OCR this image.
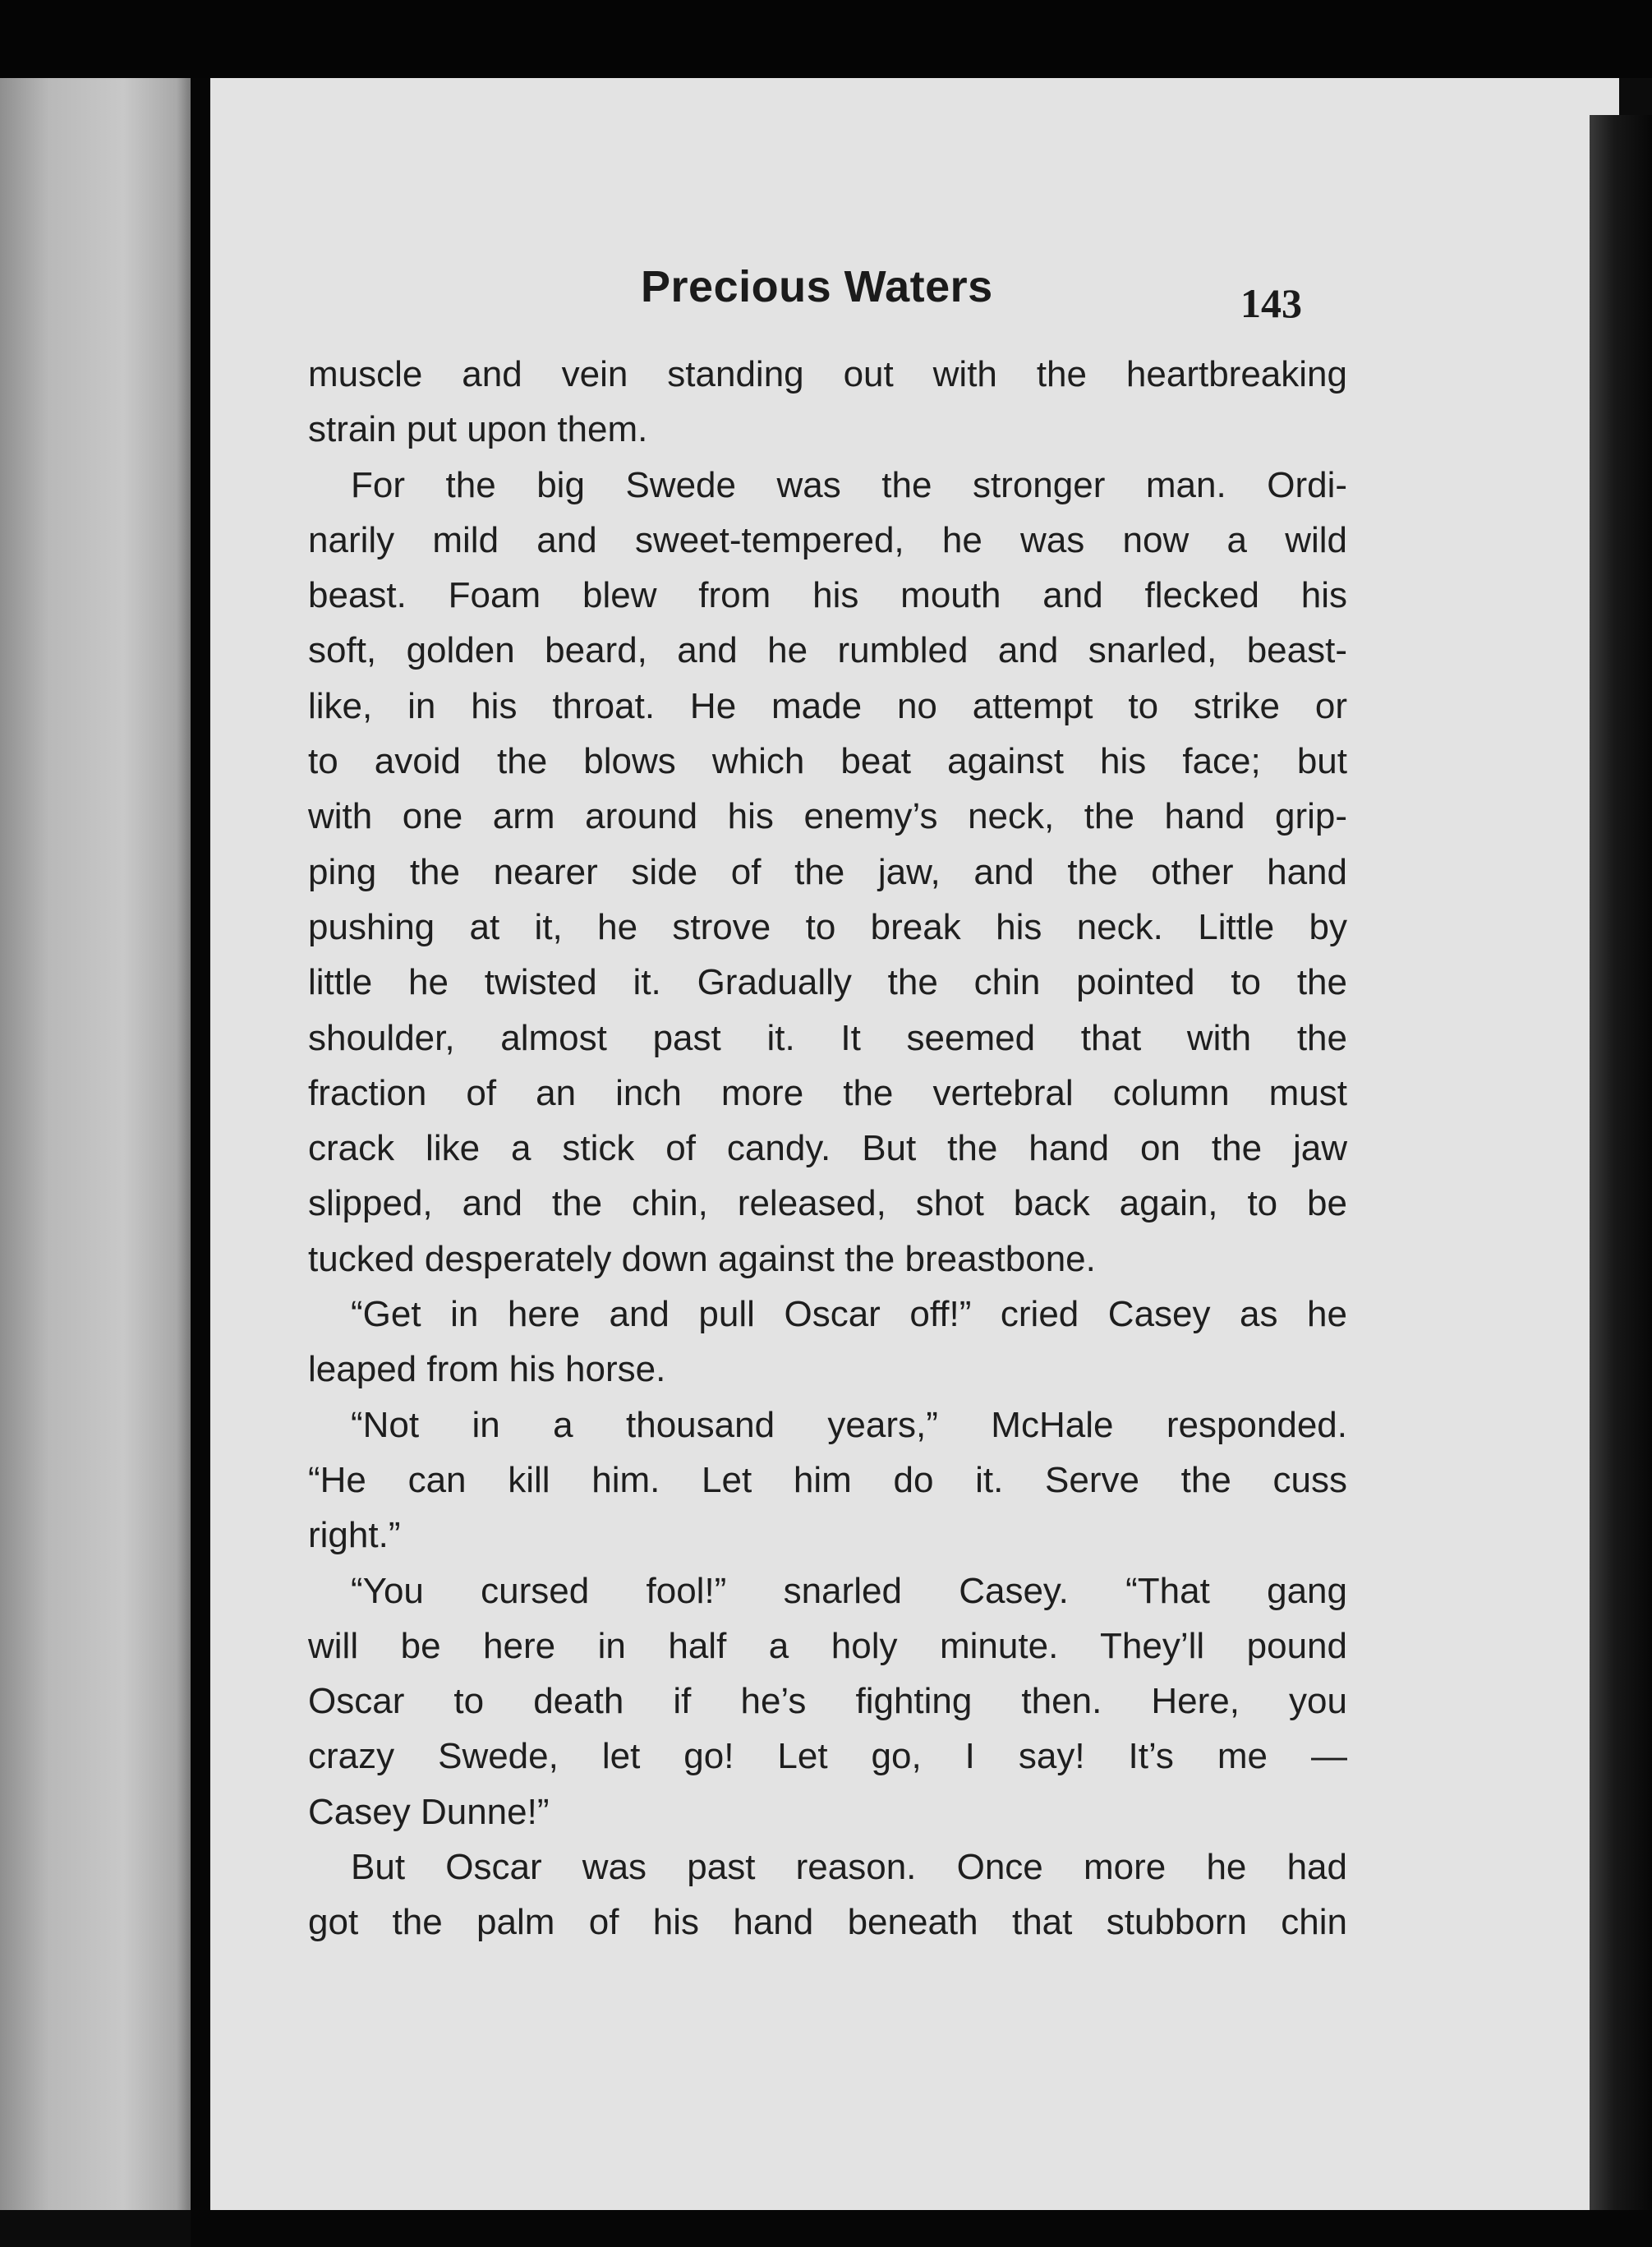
Precious Waters	143
muscle and vein standing out with the heartbreaking
strain put upon them.
For the big Swede was the stronger man. Ordi-
narily mild and sweet-tempered, he was now a wild
beast. Foam blew from his mouth and flecked his
soft, golden beard, and he rumbled and snarled, beast-
like, in his throat. He made no attempt to strike or
to avoid the blows which beat against his face; but
with one arm around his enemy’s neck, the hand grip-
ping the nearer side of the jaw, and the other hand
pushing at it, he strove to break his neck. Little by
little he twisted it. Gradually the chin pointed to the
shoulder, almost past it. It seemed that with the
fraction of an inch more the vertebral column must
crack like a stick of candy. But the hand on the jaw
slipped, and the chin, released, shot back again, to be
tucked desperately down against the breastbone.
“Get in here and pull Oscar off!” cried Casey as he
leaped from his horse.
“Not in a thousand years,” McHale responded.
“He can kill him. Let him do it. Serve the cuss
right.”
“You cursed fool!” snarled Casey. “That gang
will be here in half a holy minute. They’ll pound
Oscar to death if he’s fighting then. Here, you
crazy Swede, let go! Let go, I say! It’s me —
Casey Dunne!”
But Oscar was past reason. Once more he had
got the palm of his hand beneath that stubborn chin
